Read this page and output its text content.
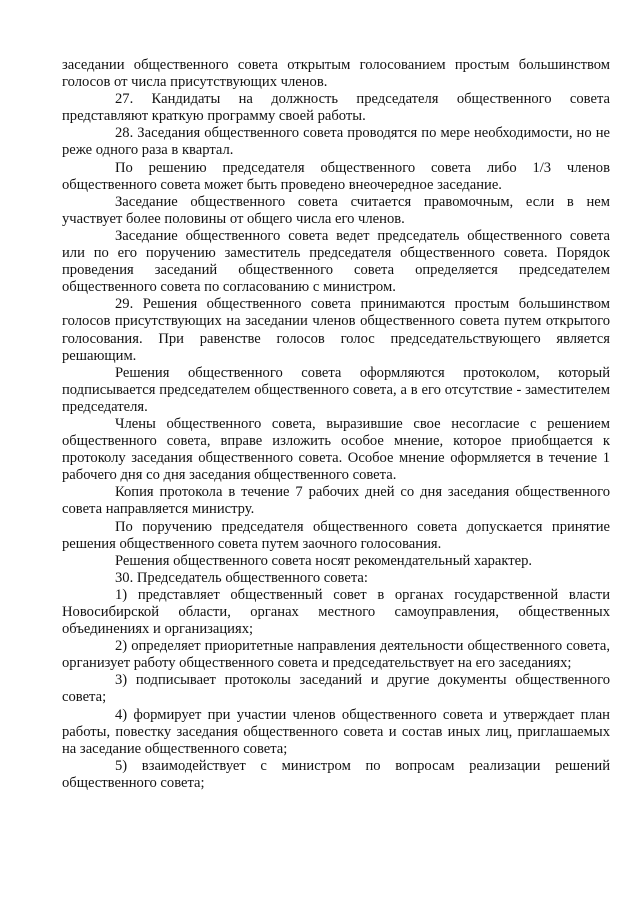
заседании общественного совета открытым голосованием простым большинством голосов от числа присутствующих членов.

27. Кандидаты на должность председателя общественного совета представляют краткую программу своей работы.

28. Заседания общественного совета проводятся по мере необходимости, но не реже одного раза в квартал.

По решению председателя общественного совета либо 1/3 членов общественного совета может быть проведено внеочередное заседание.

Заседание общественного совета считается правомочным, если в нем участвует более половины от общего числа его членов.

Заседание общественного совета ведет председатель общественного совета или по его поручению заместитель председателя общественного совета. Порядок проведения заседаний общественного совета определяется председателем общественного совета по согласованию с министром.

29. Решения общественного совета принимаются простым большинством голосов присутствующих на заседании членов общественного совета путем открытого голосования. При равенстве голосов голос председательствующего является решающим.

Решения общественного совета оформляются протоколом, который подписывается председателем общественного совета, а в его отсутствие - заместителем председателя.

Члены общественного совета, выразившие свое несогласие с решением общественного совета, вправе изложить особое мнение, которое приобщается к протоколу заседания общественного совета. Особое мнение оформляется в течение 1 рабочего дня со дня заседания общественного совета.

Копия протокола в течение 7 рабочих дней со дня заседания общественного совета направляется министру.

По поручению председателя общественного совета допускается принятие решения общественного совета путем заочного голосования.

Решения общественного совета носят рекомендательный характер.

30. Председатель общественного совета:

1) представляет общественный совет в органах государственной власти Новосибирской области, органах местного самоуправления, общественных объединениях и организациях;

2) определяет приоритетные направления деятельности общественного совета, организует работу общественного совета и председательствует на его заседаниях;

3) подписывает протоколы заседаний и другие документы общественного совета;

4) формирует при участии членов общественного совета и утверждает план работы, повестку заседания общественного совета и состав иных лиц, приглашаемых на заседание общественного совета;

5) взаимодействует с министром по вопросам реализации решений общественного совета;
